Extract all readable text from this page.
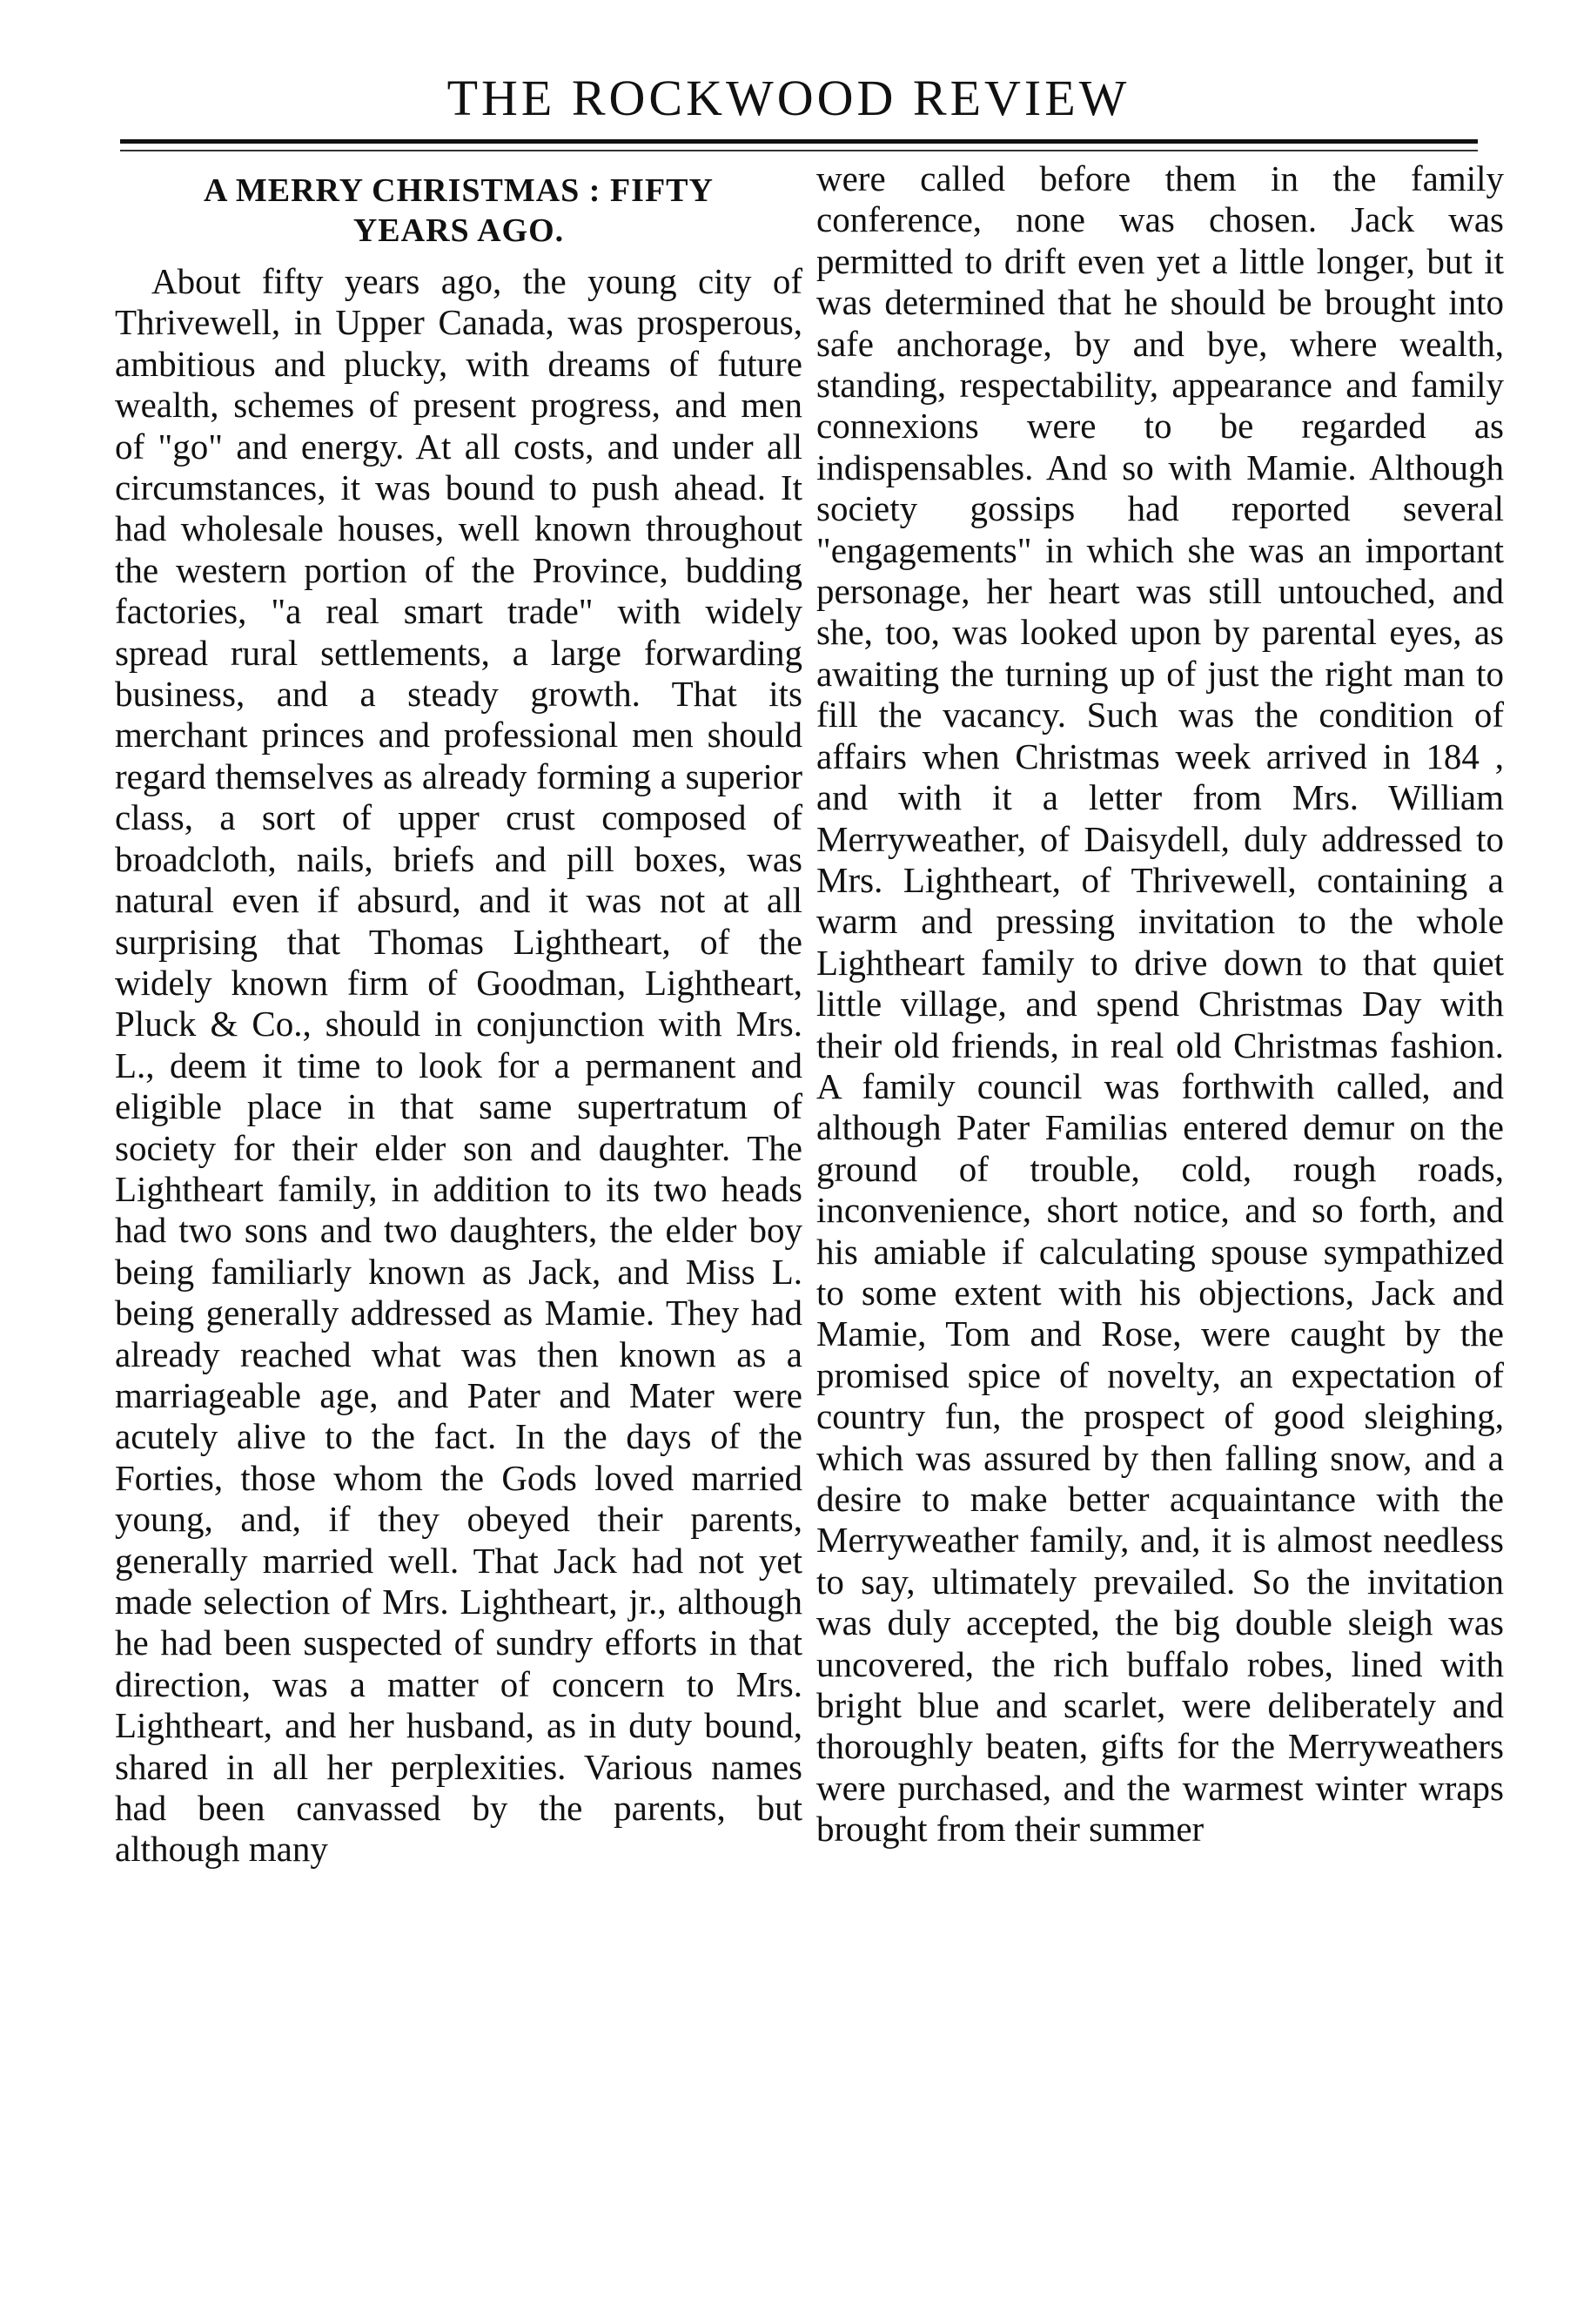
THE ROCKWOOD REVIEW
A MERRY CHRISTMAS : FIFTY
YEARS AGO.

About fifty years ago, the young city of Thrivewell, in Upper Canada, was prosperous, ambitious and plucky, with dreams of future wealth, schemes of present progress, and men of "go" and energy. At all costs, and under all circumstances, it was bound to push ahead. It had wholesale houses, well known throughout the western portion of the Province, budding factories, "a real smart trade" with widely spread rural settlements, a large forwarding business, and a steady growth. That its merchant princes and professional men should regard themselves as already forming a superior class, a sort of upper crust composed of broadcloth, nails, briefs and pill boxes, was natural even if absurd, and it was not at all surprising that Thomas Lightheart, of the widely known firm of Goodman, Lightheart, Pluck & Co., should in conjunction with Mrs. L., deem it time to look for a permanent and eligible place in that same supertratum of society for their elder son and daughter. The Lightheart family, in addition to its two heads had two sons and two daughters, the elder boy being familiarly known as Jack, and Miss L. being generally addressed as Mamie. They had already reached what was then known as a marriageable age, and Pater and Mater were acutely alive to the fact. In the days of the Forties, those whom the Gods loved married young, and, if they obeyed their parents, generally married well. That Jack had not yet made selection of Mrs. Lightheart, jr., although he had been suspected of sundry efforts in that direction, was a matter of concern to Mrs. Lightheart, and her husband, as in duty bound, shared in all her perplexities. Various names had been canvassed by the parents, but although many

were called before them in the family conference, none was chosen. Jack was permitted to drift even yet a little longer, but it was determined that he should be brought into safe anchorage, by and bye, where wealth, standing, respectability, appearance and family connexions were to be regarded as indispensables. And so with Mamie. Although society gossips had reported several "engagements" in which she was an important personage, her heart was still untouched, and she, too, was looked upon by parental eyes, as awaiting the turning up of just the right man to fill the vacancy. Such was the condition of affairs when Christmas week arrived in 184 , and with it a letter from Mrs. William Merryweather, of Daisydell, duly addressed to Mrs. Lightheart, of Thrivewell, containing a warm and pressing invitation to the whole Lightheart family to drive down to that quiet little village, and spend Christmas Day with their old friends, in real old Christmas fashion. A family council was forthwith called, and although Pater Familias entered demur on the ground of trouble, cold, rough roads, inconvenience, short notice, and so forth, and his amiable if calculating spouse sympathized to some extent with his objections, Jack and Mamie, Tom and Rose, were caught by the promised spice of novelty, an expectation of country fun, the prospect of good sleighing, which was assured by then falling snow, and a desire to make better acquaintance with the Merryweather family, and, it is almost needless to say, ultimately prevailed. So the invitation was duly accepted, the big double sleigh was uncovered, the rich buffalo robes, lined with bright blue and scarlet, were deliberately and thoroughly beaten, gifts for the Merryweathers were purchased, and the warmest winter wraps brought from their summer
